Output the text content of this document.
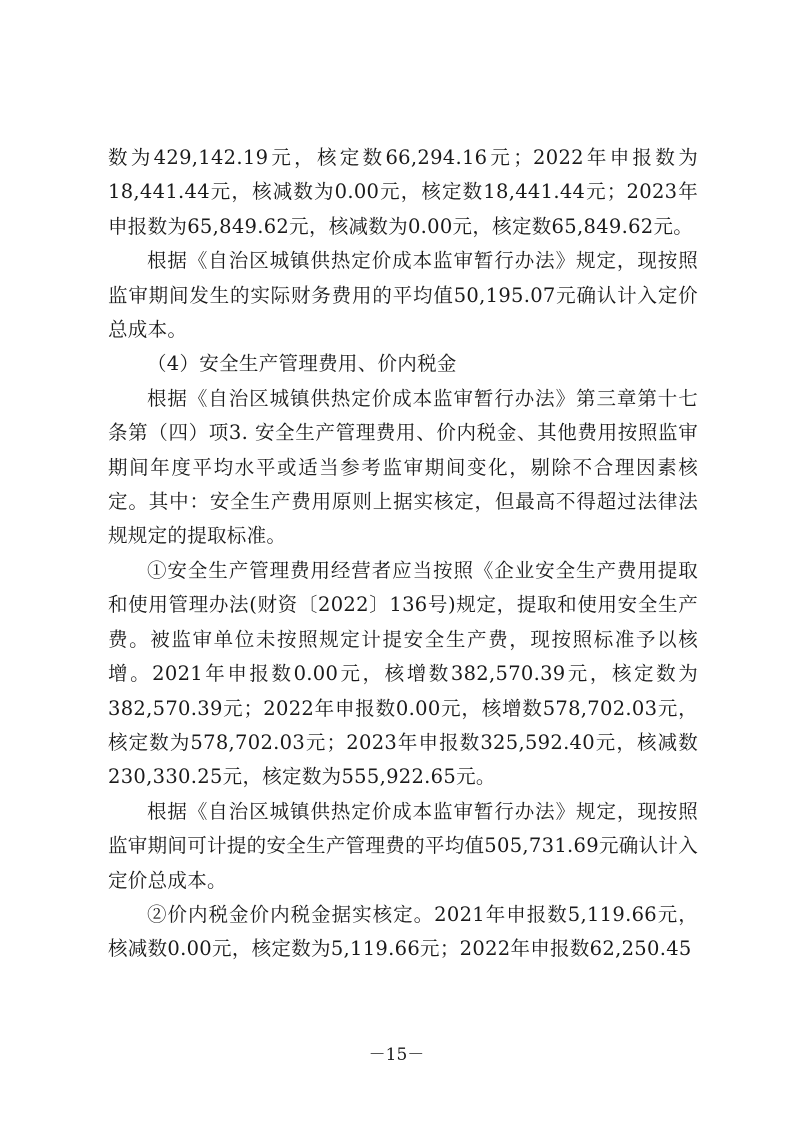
数为429,142.19元，核定数66,294.16元；2022年申报数为18,441.44元，核减数为0.00元，核定数18,441.44元；2023年申报数为65,849.62元，核减数为0.00元，核定数65,849.62元。

根据《自治区城镇供热定价成本监审暂行办法》规定，现按照监审期间发生的实际财务费用的平均值50,195.07元确认计入定价总成本。

（4）安全生产管理费用、价内税金

根据《自治区城镇供热定价成本监审暂行办法》第三章第十七条第（四）项3. 安全生产管理费用、价内税金、其他费用按照监审期间年度平均水平或适当参考监审期间变化，剔除不合理因素核定。其中：安全生产费用原则上据实核定，但最高不得超过法律法规规定的提取标准。

①安全生产管理费用经营者应当按照《企业安全生产费用提取和使用管理办法(财资〔2022〕136号)规定，提取和使用安全生产费。被监审单位未按照规定计提安全生产费，现按照标准予以核增。2021年申报数0.00元，核增数382,570.39元，核定数为382,570.39元；2022年申报数0.00元，核增数578,702.03元，核定数为578,702.03元；2023年申报数325,592.40元，核减数230,330.25元，核定数为555,922.65元。

根据《自治区城镇供热定价成本监审暂行办法》规定，现按照监审期间可计提的安全生产管理费的平均值505,731.69元确认计入定价总成本。

②价内税金价内税金据实核定。2021年申报数5,119.66元，核减数0.00元，核定数为5,119.66元；2022年申报数62,250.45

－15－
